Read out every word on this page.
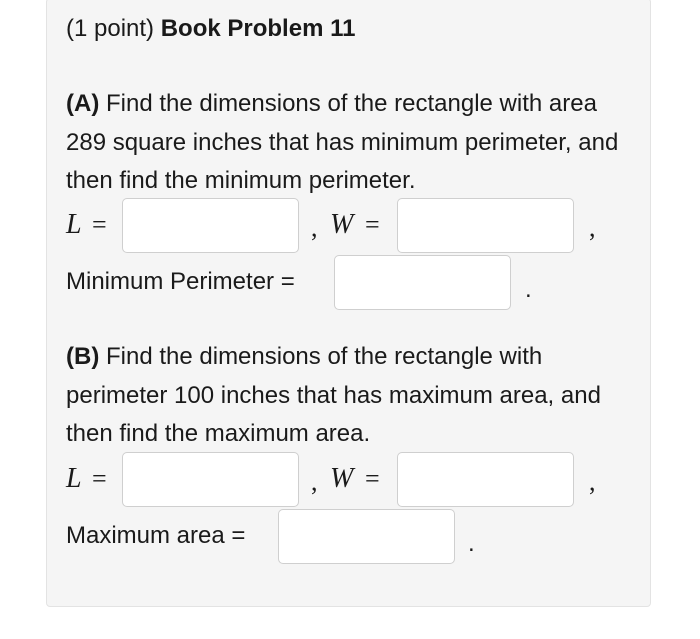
(1 point) Book Problem 11
(A) Find the dimensions of the rectangle with area 289 square inches that has minimum perimeter, and then find the minimum perimeter.
L =	, W =	,
Minimum Perimeter =	.
(B) Find the dimensions of the rectangle with perimeter 100 inches that has maximum area, and then find the maximum area.
L =	, W =	,
Maximum area =	.
